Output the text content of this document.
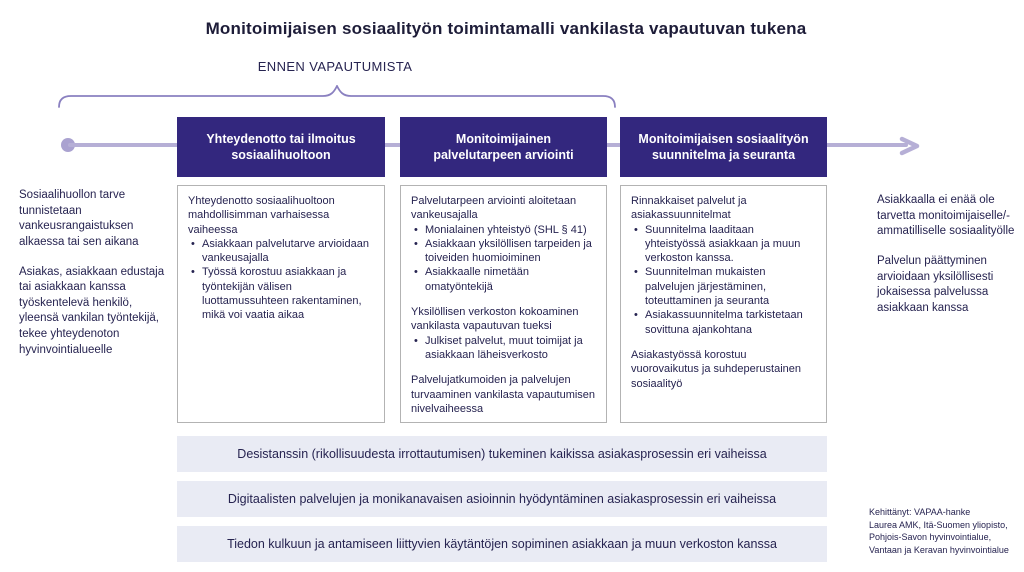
Monitoimijaisen sosiaalityön toimintamalli vankilasta vapautuvan tukena
ENNEN VAPAUTUMISTA

Sosiaalihuollon tarve tunnistetaan vankeusrangaistuksen alkaessa tai sen aikana

Asiakas, asiakkaan edustaja tai asiakkaan kanssa työskentelevä henkilö, yleensä vankilan työntekijä, tekee yhteydenoton hyvinvointialueelle

Yhteydenotto tai ilmoitus sosiaalihuoltoon

Yhteydenotto sosiaalihuoltoon mahdollisimman varhaisessa vaiheessa

• Asiakkaan palvelutarve arvioidaan vankeusajalla
• Työssä korostuu asiakkaan ja työntekijän välisen luottamussuhteen rakentaminen, mikä voi vaatia aikaa
Monitoimijainen palvelutarpeen arviointi

Palvelutarpeen arviointi aloitetaan vankeusajalla

• Monialainen yhteistyö (SHL § 41)
• Asiakkaan yksilöllisen tarpeiden ja toiveiden huomioiminen
• Asiakkaalle nimetään omatyöntekijä

Yksilöllisen verkoston kokoaminen vankilasta vapautuvan tueksi

• Julkiset palvelut, muut toimijat ja asiakkaan läheisverkosto

Palvelujatkumoiden ja palvelujen turvaaminen vankilasta vapautumisen nivelvaiheessa

Monitoimijaisen sosiaalityön suunnitelma ja seuranta

Rinnakkaiset palvelut ja asiakassuunnitelmat

• Suunnitelma laaditaan yhteistyössä asiakkaan ja muun verkoston kanssa.
• Suunnitelman mukaisten palvelujen järjestäminen, toteuttaminen ja seuranta
• Asiakassuunnitelma tarkistetaan sovittuna ajankohtana

Asiakastyössä korostuu vuorovaikutus ja suhdeperustainen sosiaalityö

Asiakkaalla ei enää ole tarvetta monitoimijaiselle/-ammatilliselle sosiaalityölle

Palvelun päättyminen arvioidaan yksilöllisesti jokaisessa palvelussa asiakkaan kanssa

Desistanssin (rikollisuudesta irrottautumisen) tukeminen kaikissa asiakasprosessin eri vaiheissa
Digitaalisten palvelujen ja monikanavaisen asioinnin hyödyntäminen asiakasprosessin eri vaiheissa
Tiedon kulkuun ja antamiseen liittyvien käytäntöjen sopiminen asiakkaan ja muun verkoston kanssa
Kehittänyt: VAPAA-hanke
Laurea AMK, Itä-Suomen yliopisto,
Pohjois-Savon hyvinvointialue,
Vantaan ja Keravan hyvinvointialue
